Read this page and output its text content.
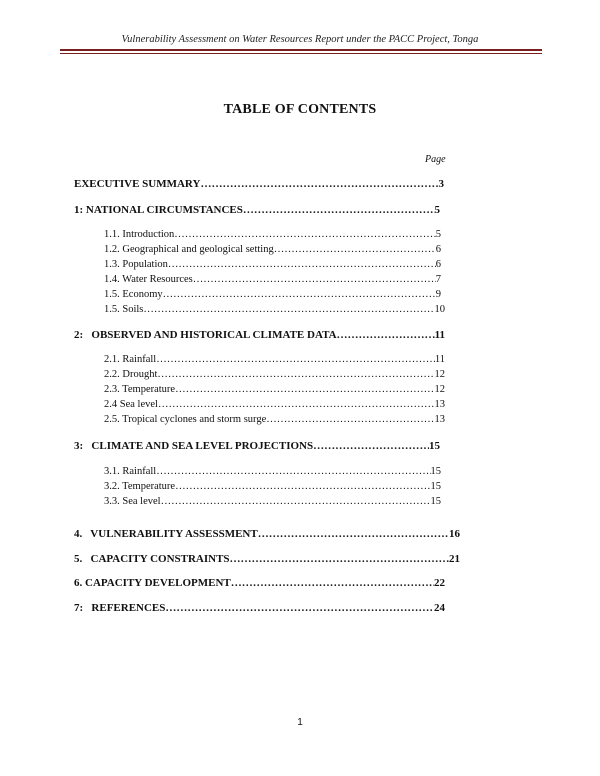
Vulnerability Assessment on Water Resources Report under the PACC Project, Tonga
TABLE OF CONTENTS
Page
EXECUTIVE SUMMARY ……………………………………………………………………………………………………………………………………………………………………	3
1: NATIONAL CIRCUMSTANCES ……………………………………………………………………………………………………………………………………………………………………	5
1.1. Introduction ……………………………………………………………………………………………………………………………………………………………………	5
1.2. Geographical and geological setting ……………………………………………………………………………………………………………………………………………………………………	6
1.3. Population ……………………………………………………………………………………………………………………………………………………………………	6
1.4. Water Resources ……………………………………………………………………………………………………………………………………………………………………	7
1.5. Economy ……………………………………………………………………………………………………………………………………………………………………	9
1.5. Soils ……………………………………………………………………………………………………………………………………………………………………	10
2:   OBSERVED AND HISTORICAL CLIMATE DATA ……………………………………………………………………………………………………………………………………………………………………	11
2.1. Rainfall ……………………………………………………………………………………………………………………………………………………………………	11
2.2. Drought ……………………………………………………………………………………………………………………………………………………………………	12
2.3. Temperature ……………………………………………………………………………………………………………………………………………………………………	12
2.4 Sea level ……………………………………………………………………………………………………………………………………………………………………	13
2.5. Tropical cyclones and storm surge ……………………………………………………………………………………………………………………………………………………………………	13
3:   CLIMATE AND SEA LEVEL PROJECTIONS ……………………………………………………………………………………………………………………………………………………………………	15
3.1. Rainfall ……………………………………………………………………………………………………………………………………………………………………	15
3.2. Temperature ……………………………………………………………………………………………………………………………………………………………………	15
3.3. Sea level ……………………………………………………………………………………………………………………………………………………………………	15
4.   VULNERABILITY ASSESSMENT ……………………………………………………………………………………………………………………………………………………………………	16
5.   CAPACITY CONSTRAINTS ……………………………………………………………………………………………………………………………………………………………………	21
6. CAPACITY DEVELOPMENT ……………………………………………………………………………………………………………………………………………………………………	22
7:   REFERENCES ……………………………………………………………………………………………………………………………………………………………………	24
1
